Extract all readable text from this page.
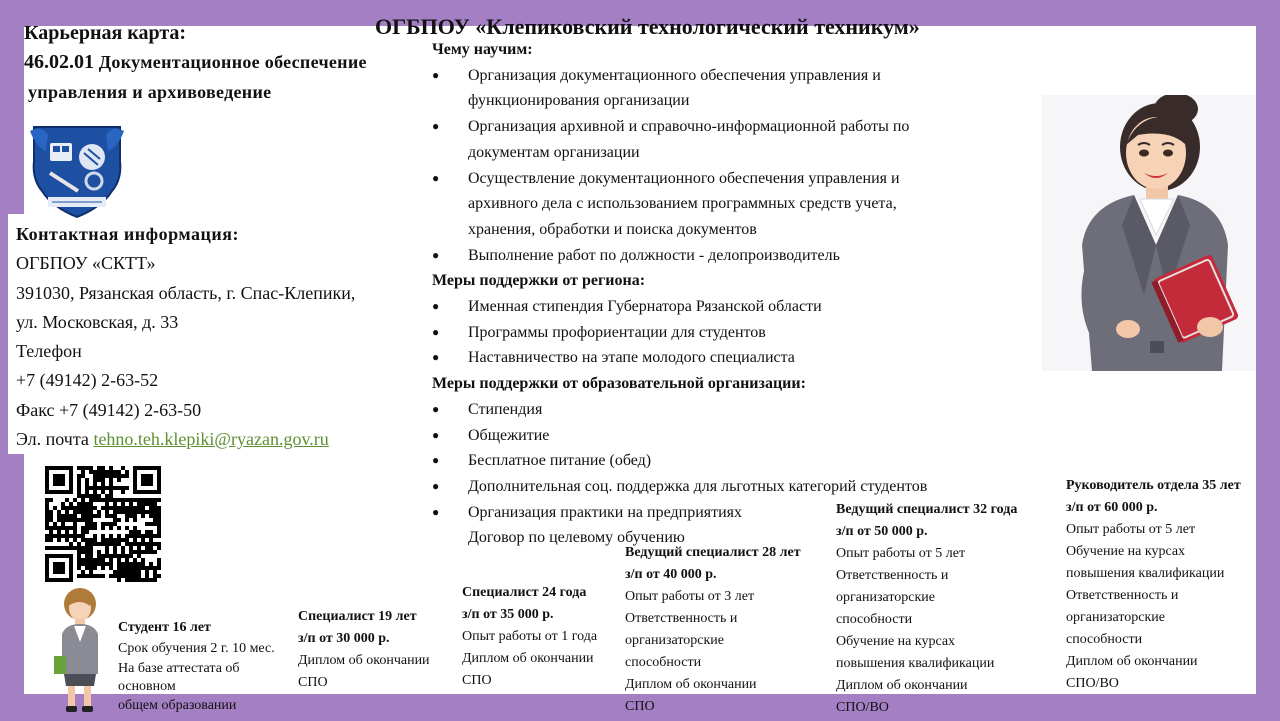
ОГБПОУ «Клепиковский технологический техникум»
Карьерная карта:
46.02.01 Документационное обеспечение
управления и архивоведение
Контактная информация:
ОГБПОУ «СКТТ»
391030, Рязанская область, г. Спас-Клепики,
ул. Московская, д. 33
Телефон
+7 (49142) 2-63-52
Факс +7 (49142) 2-63-50
Эл. почта tehno.teh.klepiki@ryazan.gov.ru
Чему научим:
● Организация документационного обеспечения управления и
функционирования организации
● Организация архивной и справочно-информационной работы по
документам организации
● Осуществление документационного обеспечения управления и
архивного дела с использованием программных средств учета,
хранения, обработки и поиска документов
● Выполнение работ по должности - делопроизводитель
Меры поддержки от региона:
● Именная стипендия Губернатора Рязанской области
● Программы профориентации для студентов
● Наставничество на этапе молодого специалиста
Меры поддержки от образовательной организации:
● Стипендия
● Общежитие
● Бесплатное питание (обед)
● Дополнительная соц. поддержка для льготных категорий студентов
● Организация практики на предприятиях
Договор по целевому обучению
Студент 16 лет
Срок обучения 2 г. 10 мес.
На базе аттестата об
основном
общем образовании
Специалист 19 лет
з/п от 30 000 р.
Диплом об окончании
СПО
Специалист 24 года
з/п от 35 000 р.
Опыт работы от 1 года
Диплом об окончании
СПО
Ведущий специалист 28 лет
з/п от 40 000 р.
Опыт работы от 3 лет
Ответственность и
организаторские
способности
Диплом об окончании
СПО
Ведущий специалист 32 года
з/п от 50 000 р.
Опыт работы от 5 лет
Ответственность и
организаторские
способности
Обучение на курсах
повышения квалификации
Диплом об окончании
СПО/ВО
Руководитель отдела 35 лет
з/п от 60 000 р.
Опыт работы от 5 лет
Обучение на курсах
повышения квалификации
Ответственность и
организаторские
способности
Диплом об окончании
СПО/ВО
